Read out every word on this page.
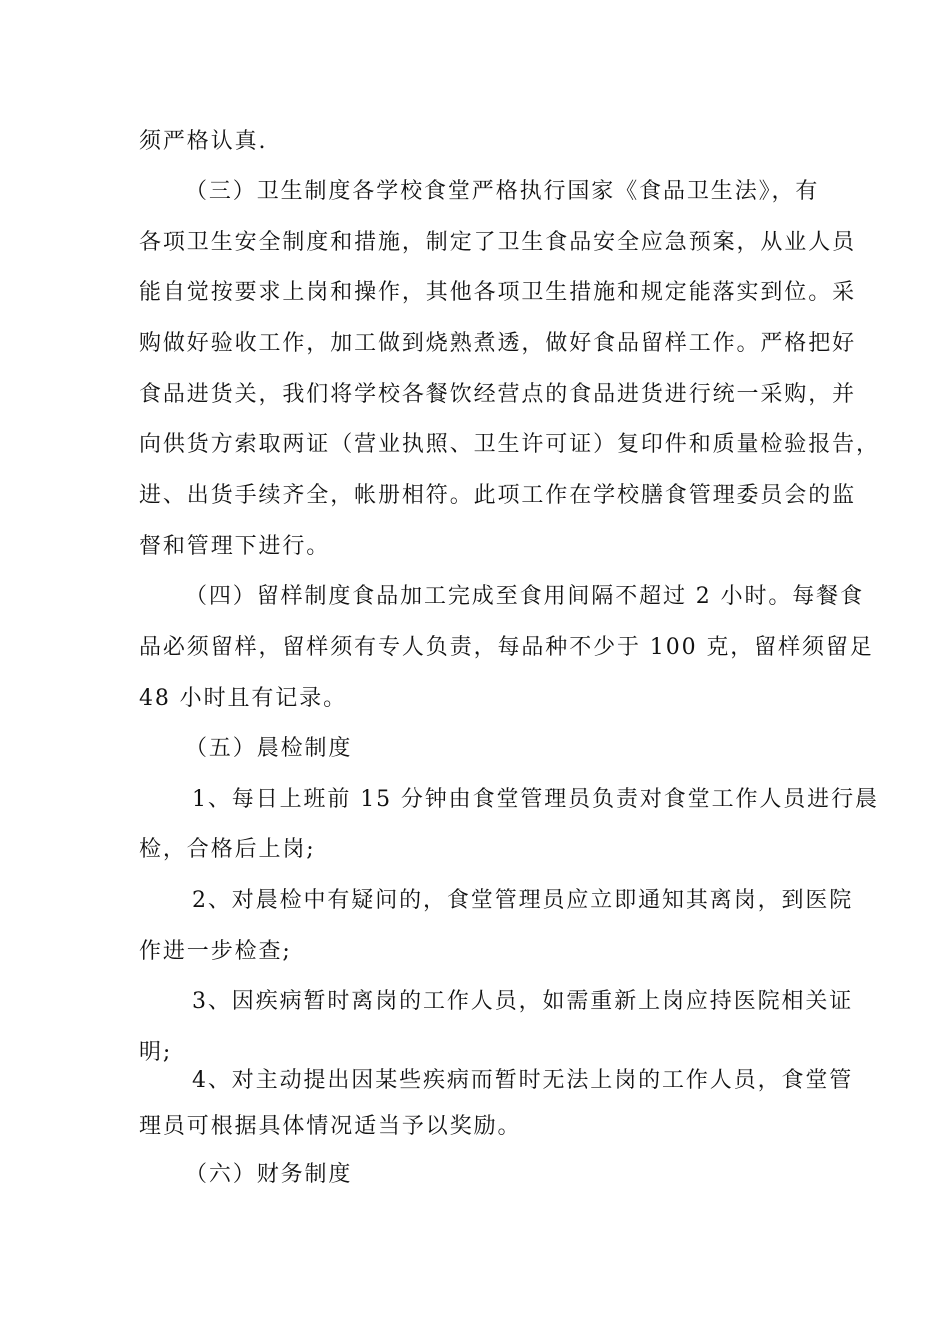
须严格认真.
（三）卫生制度各学校食堂严格执行国家《食品卫生法》，有
各项卫生安全制度和措施，制定了卫生食品安全应急预案，从业人员
能自觉按要求上岗和操作，其他各项卫生措施和规定能落实到位。采
购做好验收工作，加工做到烧熟煮透，做好食品留样工作。严格把好
食品进货关，我们将学校各餐饮经营点的食品进货进行统一采购，并
向供货方索取两证（营业执照、卫生许可证）复印件和质量检验报告，
进、出货手续齐全，帐册相符。此项工作在学校膳食管理委员会的监
督和管理下进行。
（四）留样制度食品加工完成至食用间隔不超过 2 小时。每餐食
品必须留样，留样须有专人负责，每品种不少于 100 克，留样须留足
48 小时且有记录。
（五）晨检制度
1、每日上班前 15 分钟由食堂管理员负责对食堂工作人员进行晨
检，合格后上岗;
2、对晨检中有疑问的，食堂管理员应立即通知其离岗，到医院
作进一步检查;
3、因疾病暂时离岗的工作人员，如需重新上岗应持医院相关证
明;
4、对主动提出因某些疾病而暂时无法上岗的工作人员，食堂管
理员可根据具体情况适当予以奖励。
（六）财务制度
